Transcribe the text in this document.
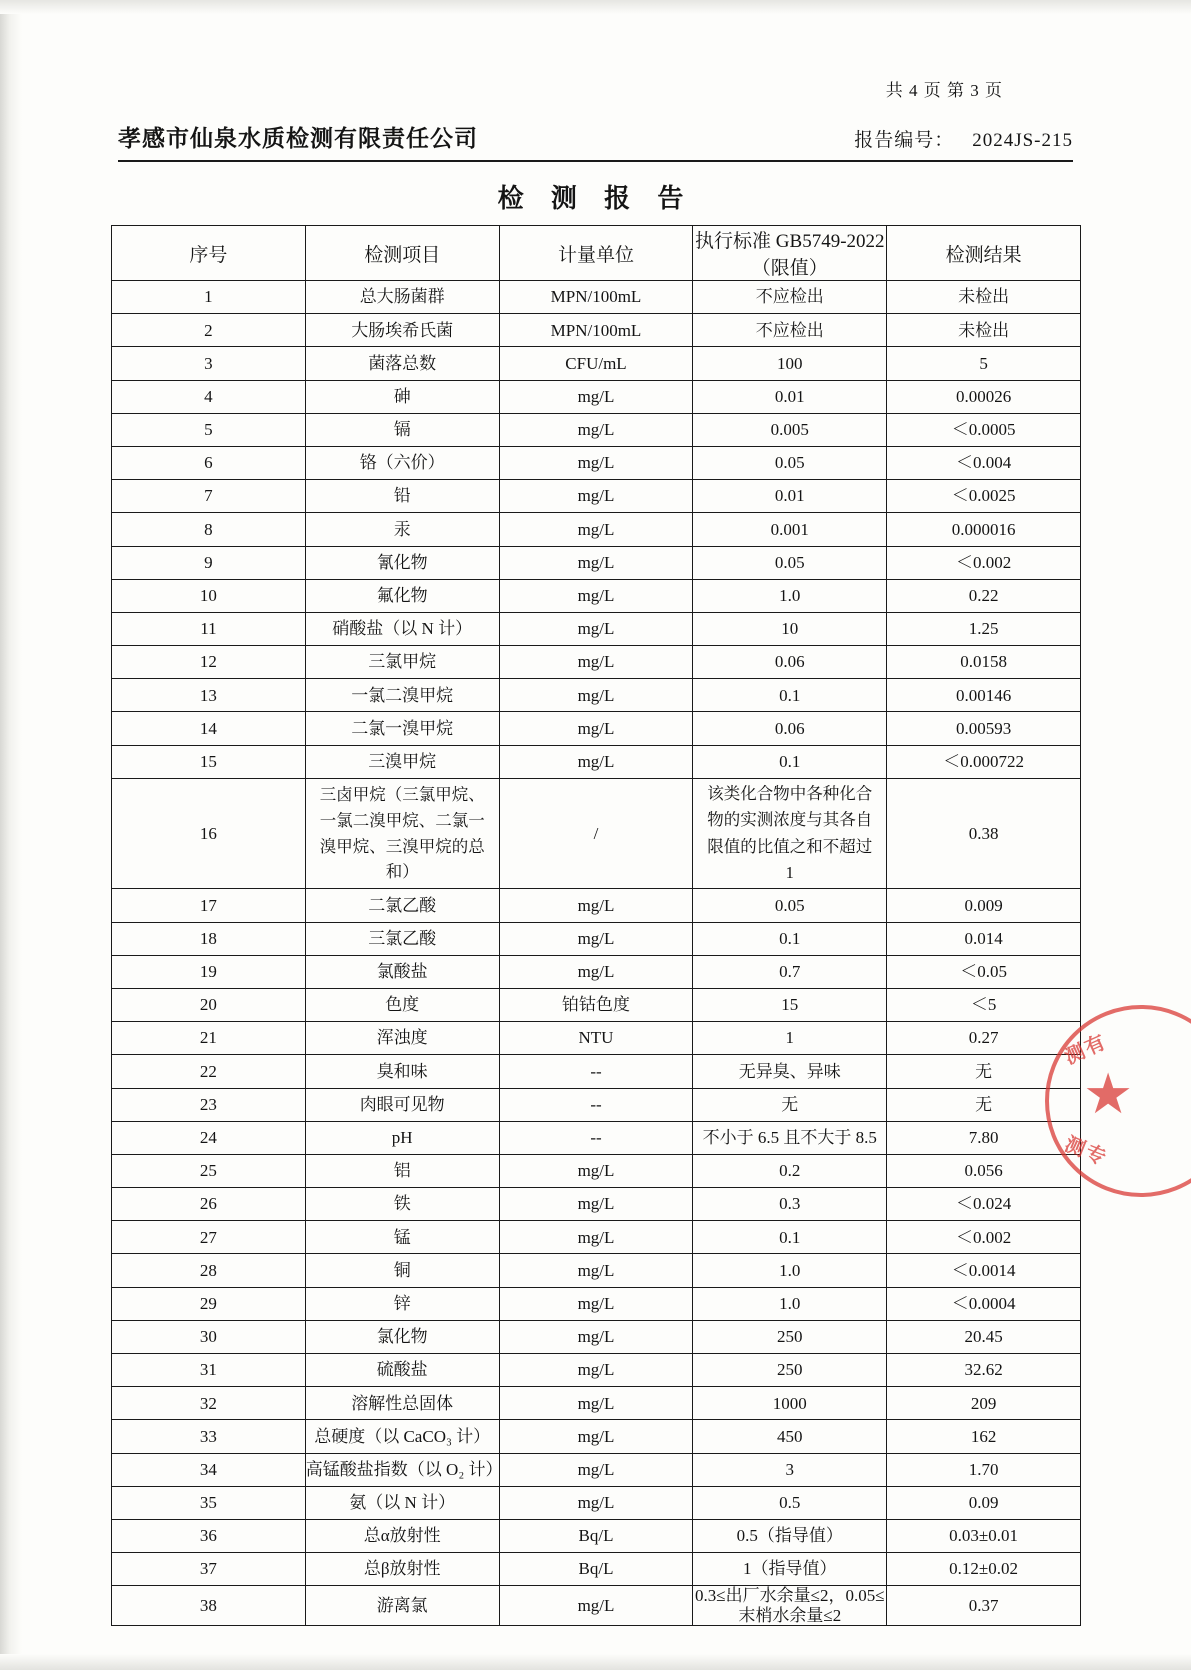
共 4 页 第 3 页
孝感市仙泉水质检测有限责任公司	报告编号： 2024JS-215
检 测 报 告
序号	检测项目	计量单位	执行标准 GB5749-2022（限值）	检测结果
1	总大肠菌群	MPN/100mL	不应检出	未检出
2	大肠埃希氏菌	MPN/100mL	不应检出	未检出
3	菌落总数	CFU/mL	100	5
4	砷	mg/L	0.01	0.00026
5	镉	mg/L	0.005	＜0.0005
6	铬（六价）	mg/L	0.05	＜0.004
7	铅	mg/L	0.01	＜0.0025
8	汞	mg/L	0.001	0.000016
9	氰化物	mg/L	0.05	＜0.002
10	氟化物	mg/L	1.0	0.22
11	硝酸盐（以 N 计）	mg/L	10	1.25
12	三氯甲烷	mg/L	0.06	0.0158
13	一氯二溴甲烷	mg/L	0.1	0.00146
14	二氯一溴甲烷	mg/L	0.06	0.00593
15	三溴甲烷	mg/L	0.1	＜0.000722
16	三卤甲烷（三氯甲烷、一氯二溴甲烷、二氯一溴甲烷、三溴甲烷的总和）	/	该类化合物中各种化合物的实测浓度与其各自限值的比值之和不超过 1	0.38
17	二氯乙酸	mg/L	0.05	0.009
18	三氯乙酸	mg/L	0.1	0.014
19	氯酸盐	mg/L	0.7	＜0.05
20	色度	铂钴色度	15	＜5
21	浑浊度	NTU	1	0.27
22	臭和味	--	无异臭、异味	无
23	肉眼可见物	--	无	无
24	pH	--	不小于 6.5 且不大于 8.5	7.80
25	铝	mg/L	0.2	0.056
26	铁	mg/L	0.3	＜0.024
27	锰	mg/L	0.1	＜0.002
28	铜	mg/L	1.0	＜0.0014
29	锌	mg/L	1.0	＜0.0004
30	氯化物	mg/L	250	20.45
31	硫酸盐	mg/L	250	32.62
32	溶解性总固体	mg/L	1000	209
33	总硬度（以 CaCO₃ 计）	mg/L	450	162
34	高锰酸盐指数（以 O₂ 计）	mg/L	3	1.70
35	氨（以 N 计）	mg/L	0.5	0.09
36	总α放射性	Bq/L	0.5（指导值）	0.03±0.01
37	总β放射性	Bq/L	1（指导值）	0.12±0.02
38	游离氯	mg/L	0.3≤出厂水余量≤2，0.05≤末梢水余量≤2	0.37
测有
★
测专
